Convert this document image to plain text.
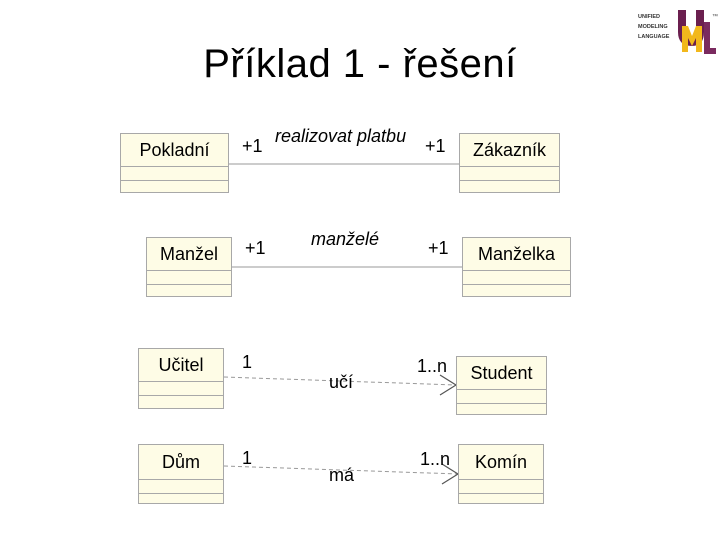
Příklad 1 - řešení
UNIFIED
MODELING
LANGUAGE
™
Pokladní	Zákazník
+1 realizovat platbu +1
Manžel	Manželka
+1	manželé	+1
Učitel	Student
1
učí
1..n
Dům	Komín
1
má
1..n
